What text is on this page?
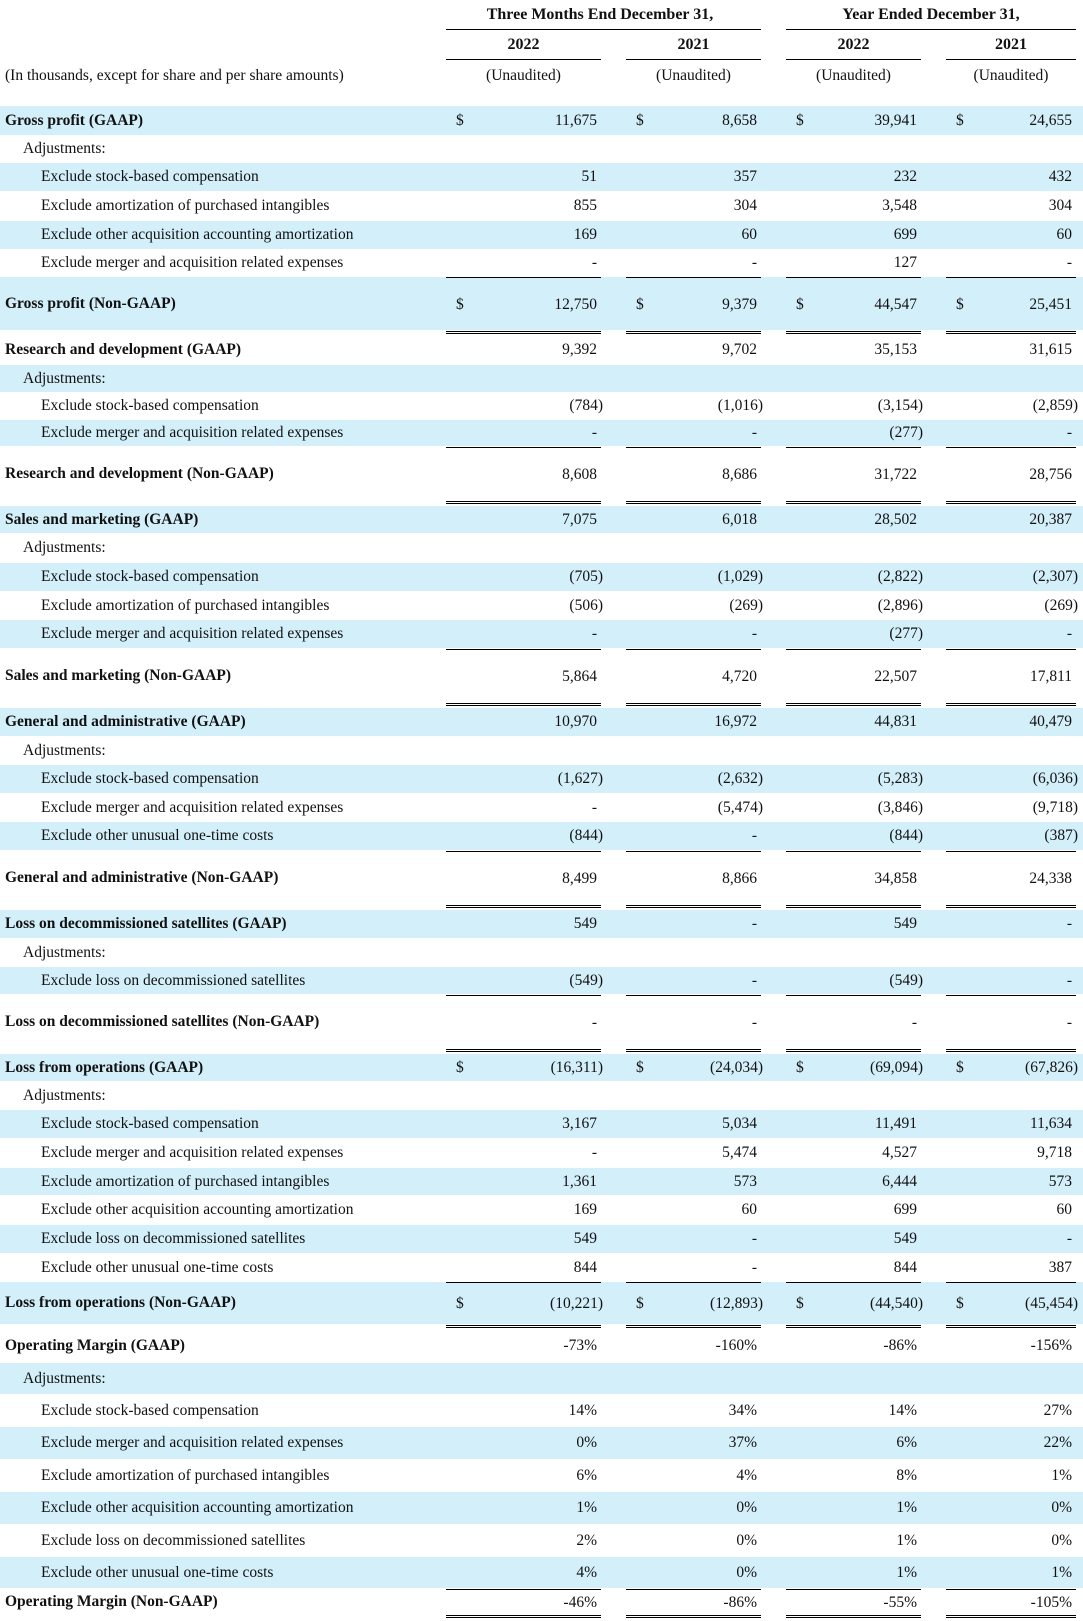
Three Months End December 31,	Year Ended December 31,
2022	2021	2022	2021
(In thousands, except for share and per share amounts)	(Unaudited)	(Unaudited)	(Unaudited)	(Unaudited)
Gross profit (GAAP)	$	11,675	$	8,658	$	39,941	$	24,655
Adjustments:
Exclude stock-based compensation	51	357	232	432
Exclude amortization of purchased intangibles	855	304	3,548	304
Exclude other acquisition accounting amortization	169	60	699	60
Exclude merger and acquisition related expenses	-	-	127	-
Gross profit (Non-GAAP)	$	12,750	$	9,379	$	44,547	$	25,451
Research and development (GAAP)	9,392	9,702	35,153	31,615
Adjustments:
Exclude stock-based compensation	(784)	(1,016)	(3,154)	(2,859)
Exclude merger and acquisition related expenses	-	-	(277)	-
Research and development (Non-GAAP)	8,608	8,686	31,722	28,756
Sales and marketing (GAAP)	7,075	6,018	28,502	20,387
Adjustments:
Exclude stock-based compensation	(705)	(1,029)	(2,822)	(2,307)
Exclude amortization of purchased intangibles	(506)	(269)	(2,896)	(269)
Exclude merger and acquisition related expenses	-	-	(277)	-
Sales and marketing (Non-GAAP)	5,864	4,720	22,507	17,811
General and administrative (GAAP)	10,970	16,972	44,831	40,479
Adjustments:
Exclude stock-based compensation	(1,627)	(2,632)	(5,283)	(6,036)
Exclude merger and acquisition related expenses	-	(5,474)	(3,846)	(9,718)
Exclude other unusual one-time costs	(844)	-	(844)	(387)
General and administrative (Non-GAAP)	8,499	8,866	34,858	24,338
Loss on decommissioned satellites (GAAP)	549	-	549	-
Adjustments:
Exclude loss on decommissioned satellites	(549)	-	(549)	-
Loss on decommissioned satellites (Non-GAAP)	-	-	-	-
Loss from operations (GAAP)	$	(16,311) $	(24,034) $	(69,094) $	(67,826)
Adjustments:
Exclude stock-based compensation	3,167	5,034	11,491	11,634
Exclude merger and acquisition related expenses	-	5,474	4,527	9,718
Exclude amortization of purchased intangibles	1,361	573	6,444	573
Exclude other acquisition accounting amortization	169	60	699	60
Exclude loss on decommissioned satellites	549	-	549	-
Exclude other unusual one-time costs	844	-	844	387
Loss from operations (Non-GAAP)	$	(10,221) $	(12,893) $	(44,540) $	(45,454)
Operating Margin (GAAP)	-73%	-160%	-86%	-156%
Adjustments:
Exclude stock-based compensation	14%	34%	14%	27%
Exclude merger and acquisition related expenses	0%	37%	6%	22%
Exclude amortization of purchased intangibles	6%	4%	8%	1%
Exclude other acquisition accounting amortization	1%	0%	1%	0%
Exclude loss on decommissioned satellites	2%	0%	1%	0%
Exclude other unusual one-time costs	4%	0%	1%	1%
Operating Margin (Non-GAAP)	-46%	-86%	-55%	-105%
